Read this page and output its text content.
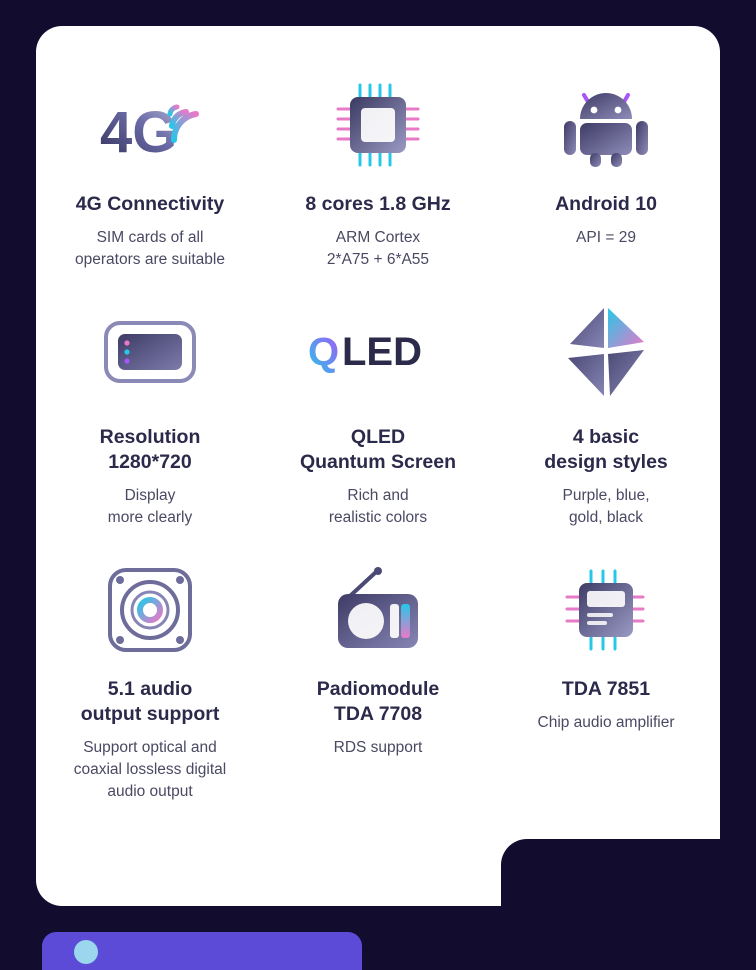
4G
4G Connectivity
SIM cards of all
operators are suitable
8 cores 1.8 GHz
ARM Cortex
2*A75 + 6*A55
Android 10
API = 29
Resolution
1280*720
Display
more clearly
Q LED
QLED
Quantum Screen
Rich and
realistic colors
4 basic
design styles
Purple, blue,
gold, black
5.1 audio
output support
Support optical and
coaxial lossless digital
audio output
Padiomodule
TDA 7708
RDS support
TDA 7851
Chip audio amplifier
